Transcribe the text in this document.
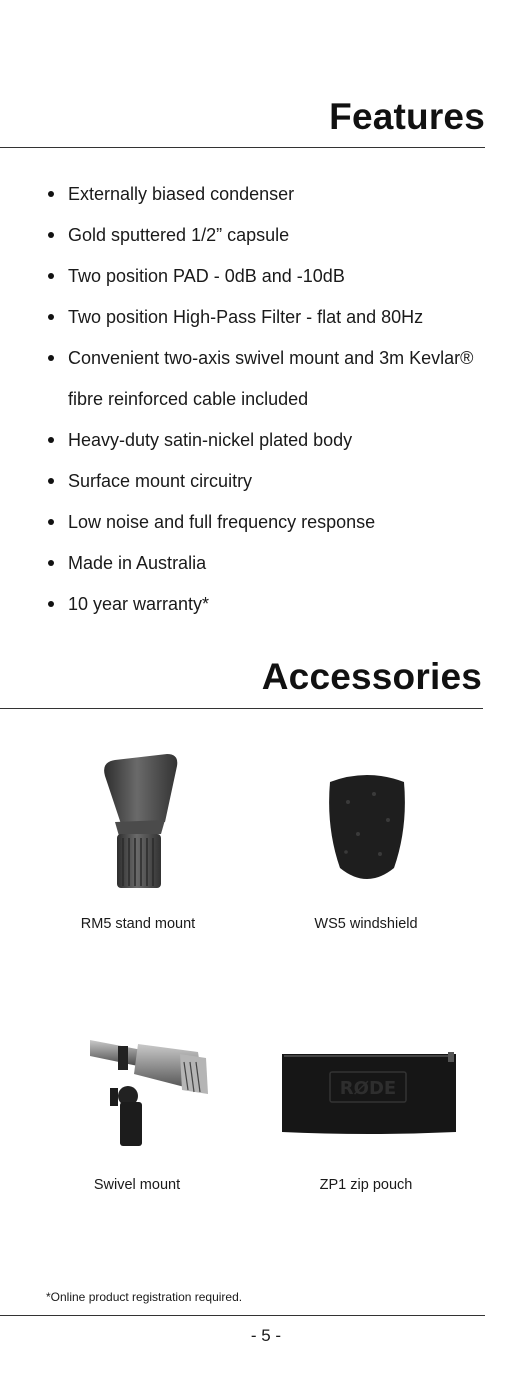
Features
Externally biased condenser
Gold sputtered 1/2” capsule
Two position PAD - 0dB and -10dB
Two position High-Pass Filter - flat and 80Hz
Convenient two-axis swivel mount and 3m Kevlar® fibre reinforced cable included
Heavy-duty satin-nickel plated body
Surface mount circuitry
Low noise and full frequency response
Made in Australia
10 year warranty*
Accessories
RM5 stand mount	WS5 windshield
Swivel mount
RØDE
ZP1 zip pouch
*Online product registration required.
- 5 -
